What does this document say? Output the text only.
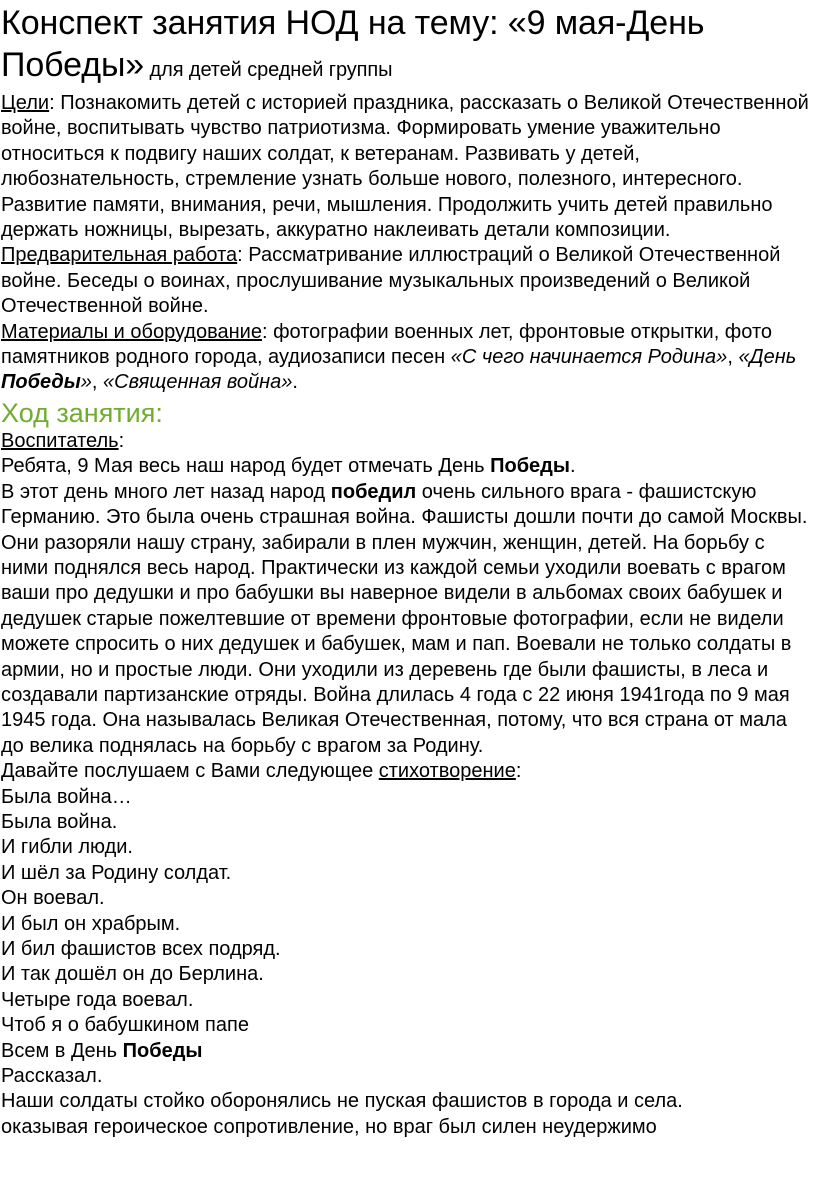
Конспект занятия НОД на тему: «9 мая-День Победы» для детей средней группы

Цели: Познакомить детей с историей праздника, рассказать о Великой Отечественной войне, воспитывать чувство патриотизма. Формировать умение уважительно относиться к подвигу наших солдат, к ветеранам. Развивать у детей, любознательность, стремление узнать больше нового, полезного, интересного. Развитие памяти, внимания, речи, мышления. Продолжить учить детей правильно держать ножницы, вырезать, аккуратно наклеивать детали композиции.

Предварительная работа: Рассматривание иллюстраций о Великой Отечественной войне. Беседы о воинах, прослушивание музыкальных произведений о Великой Отечественной войне.

Материалы и оборудование: фотографии военных лет, фронтовые открытки, фото памятников родного города, аудиозаписи песен «С чего начинается Родина», «День Победы», «Священная война».

Ход занятия:

Воспитатель:

Ребята, 9 Мая весь наш народ будет отмечать День Победы.

В этот день много лет назад народ победил очень сильного врага - фашистскую Германию. Это была очень страшная война. Фашисты дошли почти до самой Москвы. Они разоряли нашу страну, забирали в плен мужчин, женщин, детей. На борьбу с ними поднялся весь народ. Практически из каждой семьи уходили воевать с врагом ваши про дедушки и про бабушки вы наверное видели в альбомах своих бабушек и дедушек старые пожелтевшие от времени фронтовые фотографии, если не видели можете спросить о них дедушек и бабушек, мам и пап. Воевали не только солдаты в армии, но и простые люди. Они уходили из деревень где были фашисты, в леса и создавали партизанские отряды. Война длилась 4 года с 22 июня 1941года по 9 мая 1945 года. Она называлась Великая Отечественная, потому, что вся страна от мала до велика поднялась на борьбу с врагом за Родину.

Давайте послушаем с Вами следующее стихотворение:

Была война…

Была война.

И гибли люди.

И шёл за Родину солдат.

Он воевал.

И был он храбрым.

И бил фашистов всех подряд.

И так дошёл он до Берлина.

Четыре года воевал.

Чтоб я о бабушкином папе

Всем в День Победы

Рассказал.

Наши солдаты стойко оборонялись не пуская фашистов в города и села.

оказывая героическое сопротивление, но враг был силен неудержимо
